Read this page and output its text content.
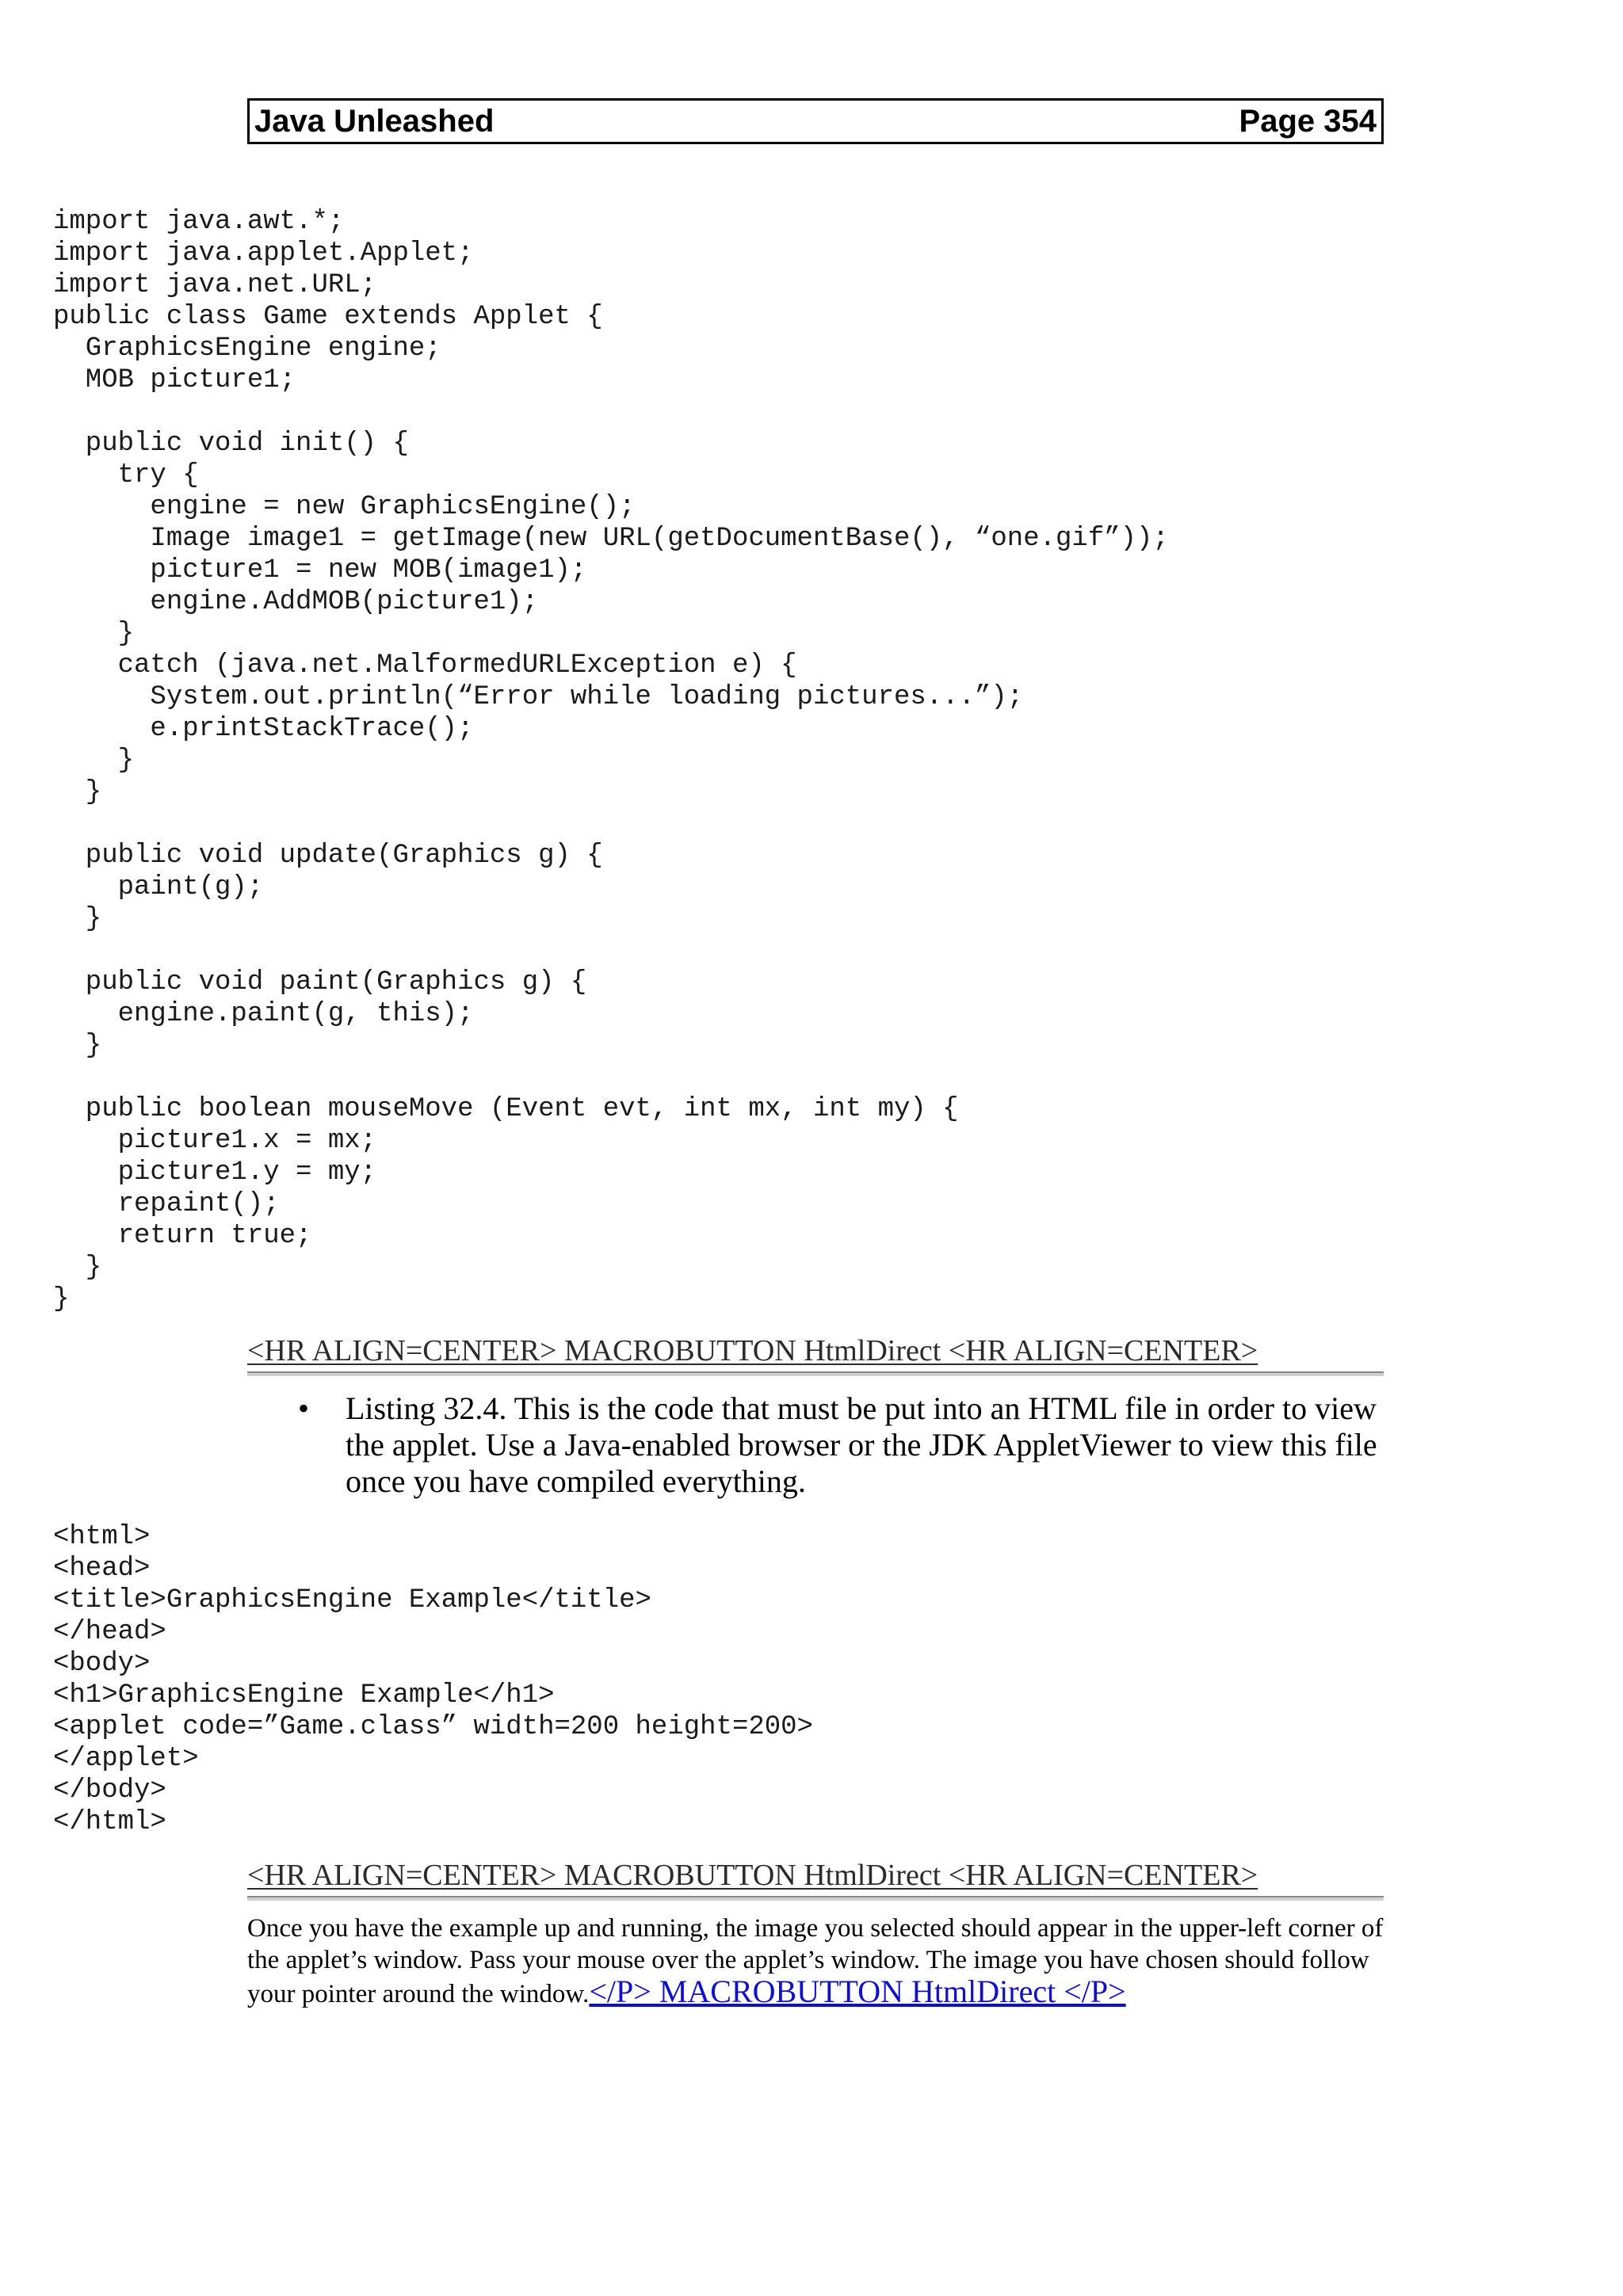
Java Unleashed	Page 354
import java.awt.*;
import java.applet.Applet;
import java.net.URL;
public class Game extends Applet {
GraphicsEngine engine;
MOB picture1;

public void init() {
try {
engine = new GraphicsEngine();
Image image1 = getImage(new URL(getDocumentBase(), “one.gif”));
picture1 = new MOB(image1);
engine.AddMOB(picture1);
}
catch (java.net.MalformedURLException e) {
System.out.println(“Error while loading pictures...”);
e.printStackTrace();
}
}

public void update(Graphics g) {
paint(g);
}

public void paint(Graphics g) {
engine.paint(g, this);
}

public boolean mouseMove (Event evt, int mx, int my) {
picture1.x = mx;
picture1.y = my;
repaint();
return true;
}
}
<HR ALIGN=CENTER> MACROBUTTON HtmlDirect <HR ALIGN=CENTER>
•	Listing 32.4. This is the code that must be put into an HTML file in order to view the applet. Use a Java-enabled browser or the JDK AppletViewer to view this file once you have compiled everything.
<html>
<head>
<title>GraphicsEngine Example</title>
</head>
<body>
<h1>GraphicsEngine Example</h1>
<applet code=”Game.class” width=200 height=200>
</applet>
</body>
</html>
<HR ALIGN=CENTER> MACROBUTTON HtmlDirect <HR ALIGN=CENTER>
Once you have the example up and running, the image you selected should appear in the upper-left corner of the applet’s window. Pass your mouse over the applet’s window. The image you have chosen should follow your pointer around the window.</P> MACROBUTTON HtmlDirect </P>
